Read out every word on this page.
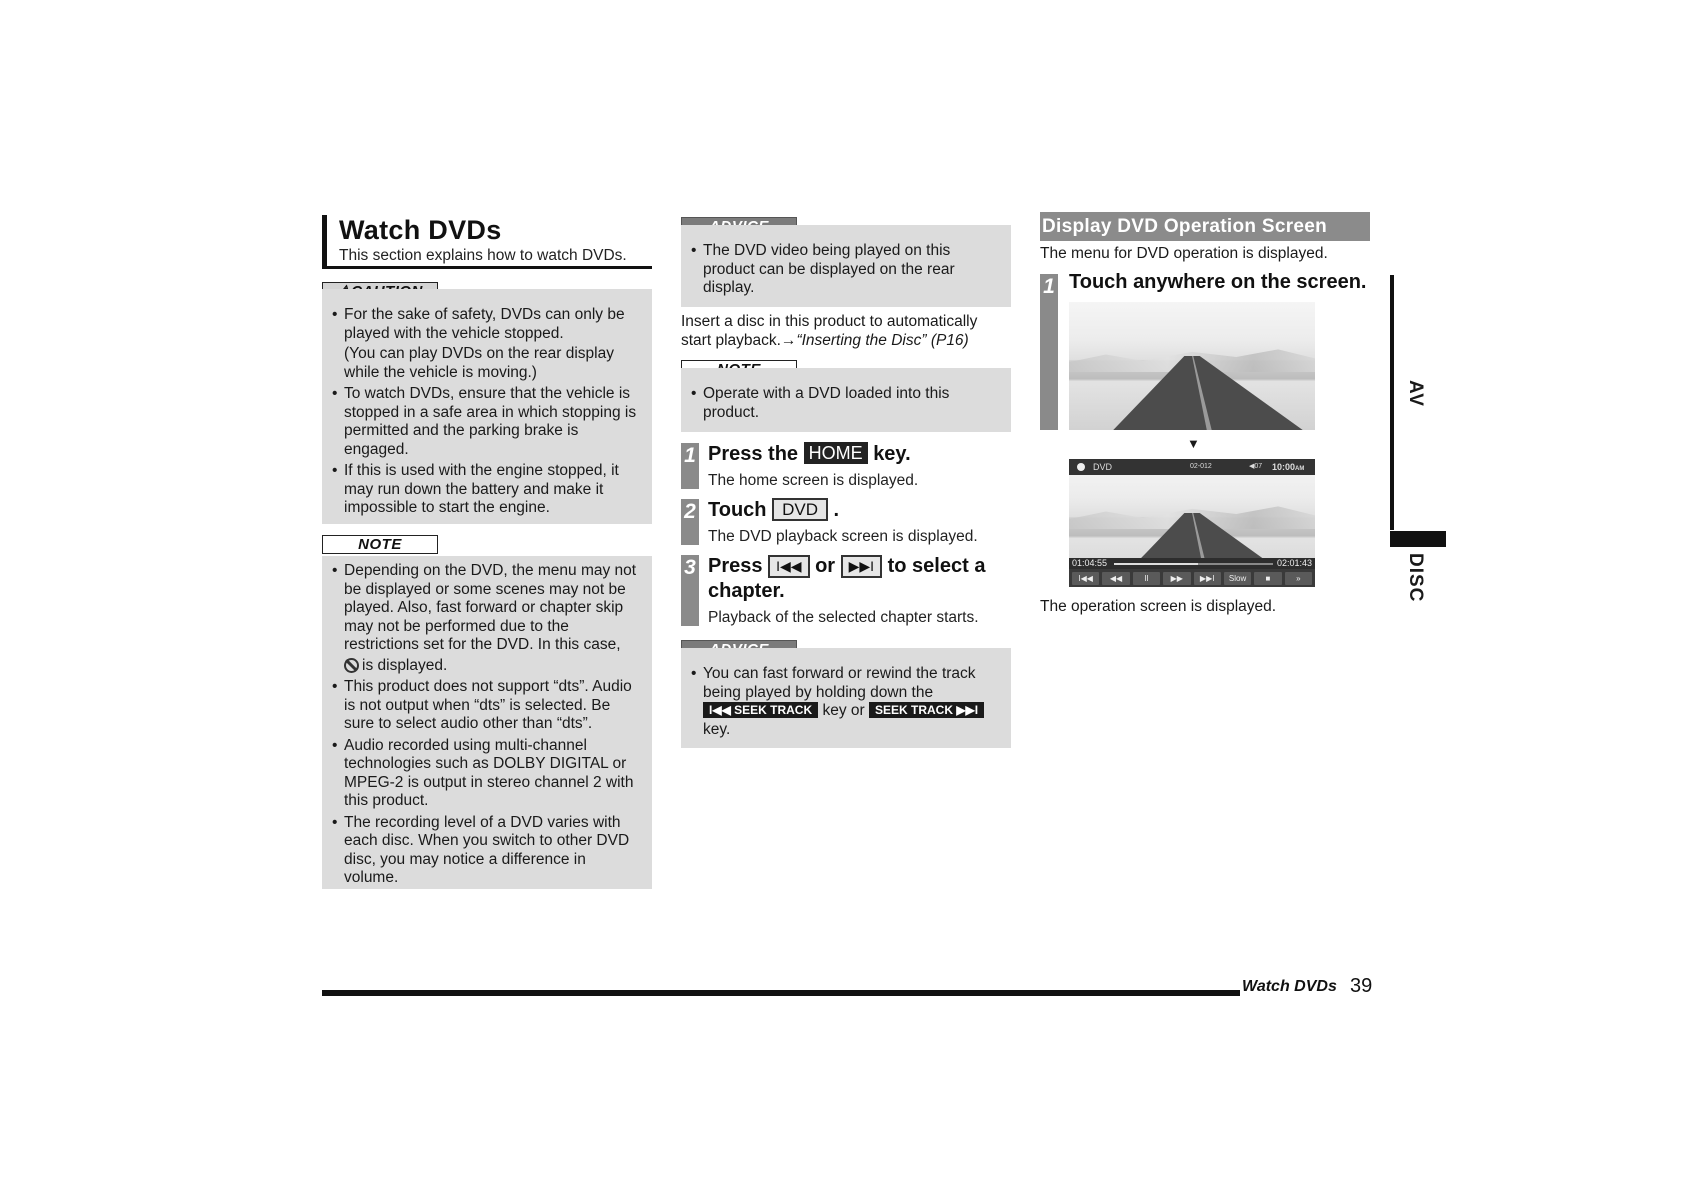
Watch DVDs
This section explains how to watch DVDs.
• For the sake of safety, DVDs can only be played with the vehicle stopped.
(You can play DVDs on the rear display while the vehicle is moving.)
• To watch DVDs, ensure that the vehicle is stopped in a safe area in which stopping is permitted and the parking brake is engaged.
• If this is used with the engine stopped, it may run down the battery and make it impossible to start the engine.
NOTE
• Depending on the DVD, the menu may not be displayed or some scenes may not be played. Also, fast forward or chapter skip may not be performed due to the restrictions set for the DVD. In this case,
is displayed.
• This product does not support “dts”. Audio is not output when “dts” is selected. Be sure to select audio other than “dts”.
• Audio recorded using multi-channel technologies such as DOLBY DIGITAL or MPEG-2 is output in stereo channel 2 with this product.
• The recording level of a DVD varies with each disc. When you switch to other DVD disc, you may notice a difference in volume.
• The DVD video being played on this product can be displayed on the rear display.
Insert a disc in this product to automatically start playback.→“Inserting the Disc” (P16)
• Operate with a DVD loaded into this product.
1 Press the HOME key.
The home screen is displayed.
2 Touch DVD .
The DVD playback screen is displayed.
3 Press I◀◀ or ▶▶I to select a chapter.
Playback of the selected chapter starts.
• You can fast forward or rewind the track being played by holding down the I◀◀ SEEK TRACK key or SEEK TRACK ▶▶I key.
Display DVD Operation Screen
The menu for DVD operation is displayed.
1 Touch anywhere on the screen.
▼
DVD	02-012	◀07 10:00AM
01:04:55	02:01:43
I◀◀	◀◀	II	▶▶	▶▶I	Slow	■	»
The operation screen is displayed.
AV
DISC
Watch DVDs 39
